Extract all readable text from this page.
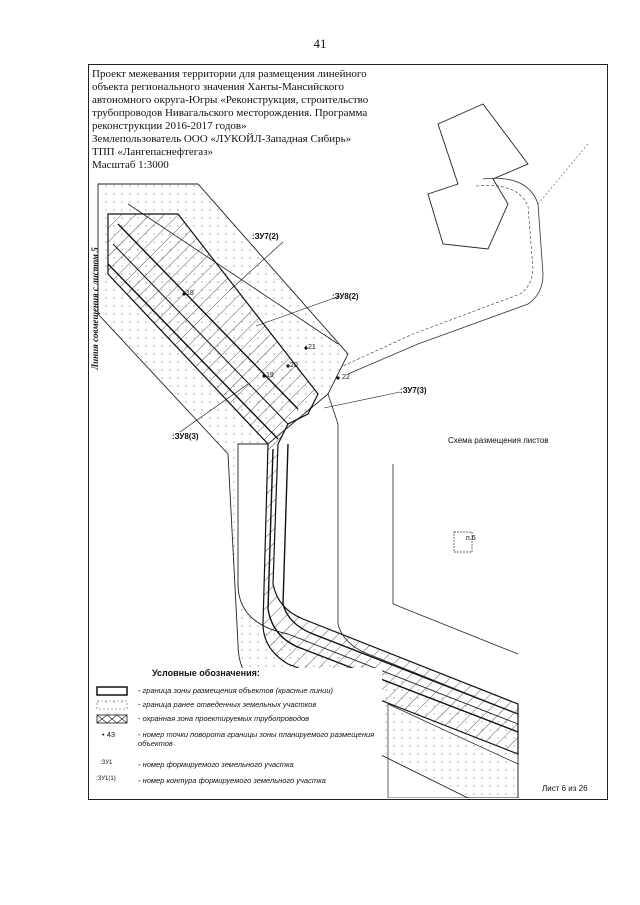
41
Проект межевания территории для размещения линейного
объекта регионального значения Ханты-Мансийского
автономного округа-Югры «Реконструкция, строительство
трубопроводов Нивагальского месторождения. Программа
реконструкции 2016-2017 годов»
Землепользователь ООО «ЛУКОЙЛ-Западная Сибирь»
ТПП «Лангепаснефтегаз»
Масштаб 1:3000
Линия совмещения с листом 5
:ЗУ7(2)
:ЗУ8(2)
:ЗУ7(3)
:ЗУ8(3)
18
21
20
22
19
Схема размещения листов
п.6
Условные обозначения:
- граница зоны размещения объектов (красные линии)
- граница ранее отведенных земельных участков
- охранная зона проектируемых трубопроводов
• 43	- номер точки поворота границы зоны планируемого размещения объектов
:ЗУ1	- номер формируемого земельного участка
:ЗУ1(1)	- номер контура формируемого земельного участка
Лист 6 из 26
